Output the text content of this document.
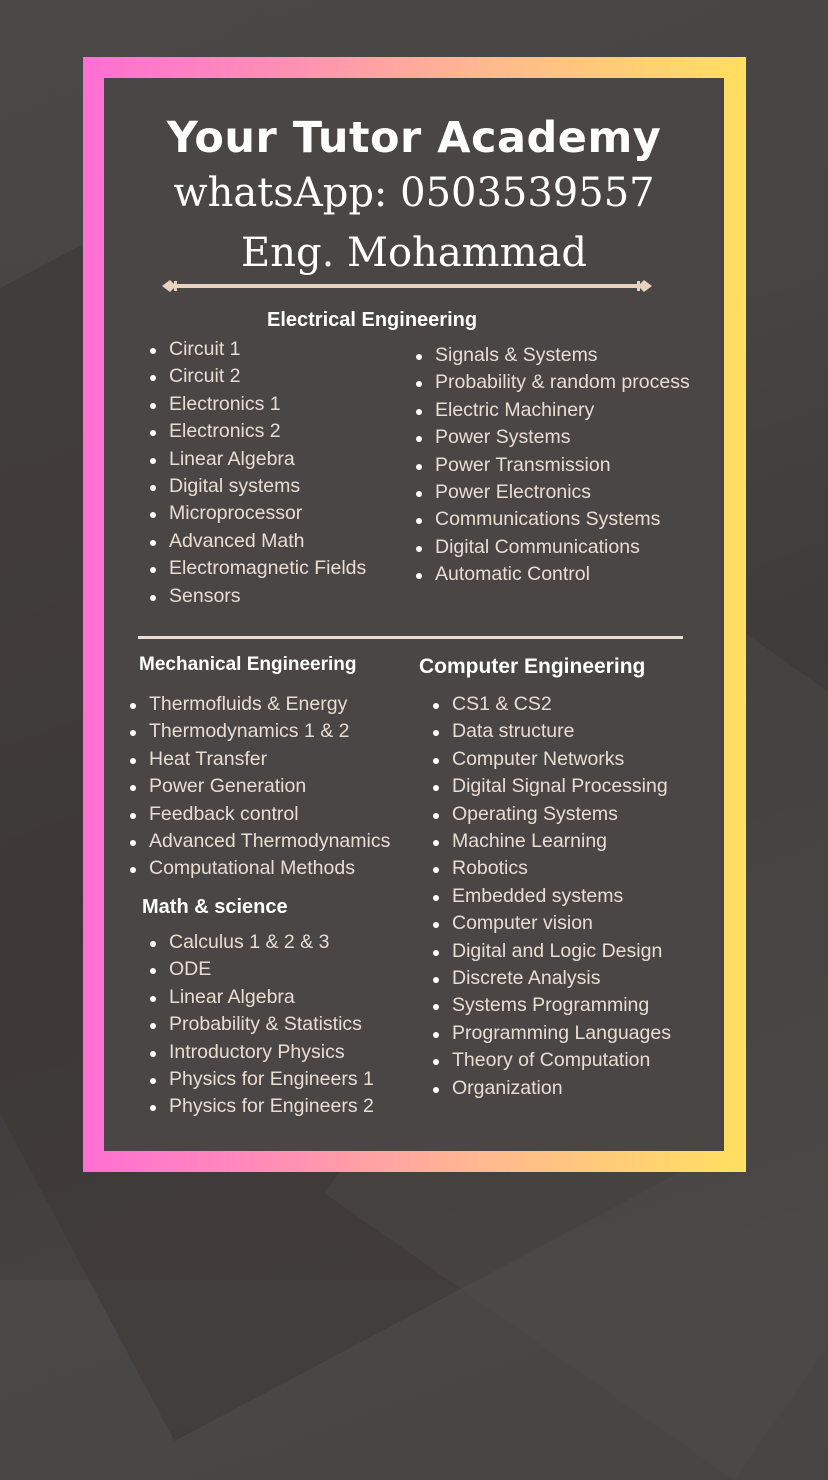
Your Tutor Academy

whatsApp: 0503539557

Eng. Mohammad

Electrical Engineering
Circuit 1
Circuit 2
Electronics 1
Electronics 2
Linear Algebra
Digital systems
Microprocessor
Advanced Math
Electromagnetic Fields
Sensors
Signals & Systems
Probability & random process
Electric Machinery
Power Systems
Power Transmission
Power Electronics
Communications Systems
Digital Communications
Automatic Control
Mechanical Engineering
Thermofluids & Energy
Thermodynamics 1 & 2
Heat Transfer
Power Generation
Feedback control
Advanced Thermodynamics
Computational Methods
Math & science
Calculus 1 & 2 & 3
ODE
Linear Algebra
Probability & Statistics
Introductory Physics
Physics for Engineers 1
Physics for Engineers 2
Computer Engineering
CS1 & CS2
Data structure
Computer Networks
Digital Signal Processing
Operating Systems
Machine Learning
Robotics
Embedded systems
Computer vision
Digital and Logic Design
Discrete Analysis
Systems Programming
Programming Languages
Theory of Computation
Organization
